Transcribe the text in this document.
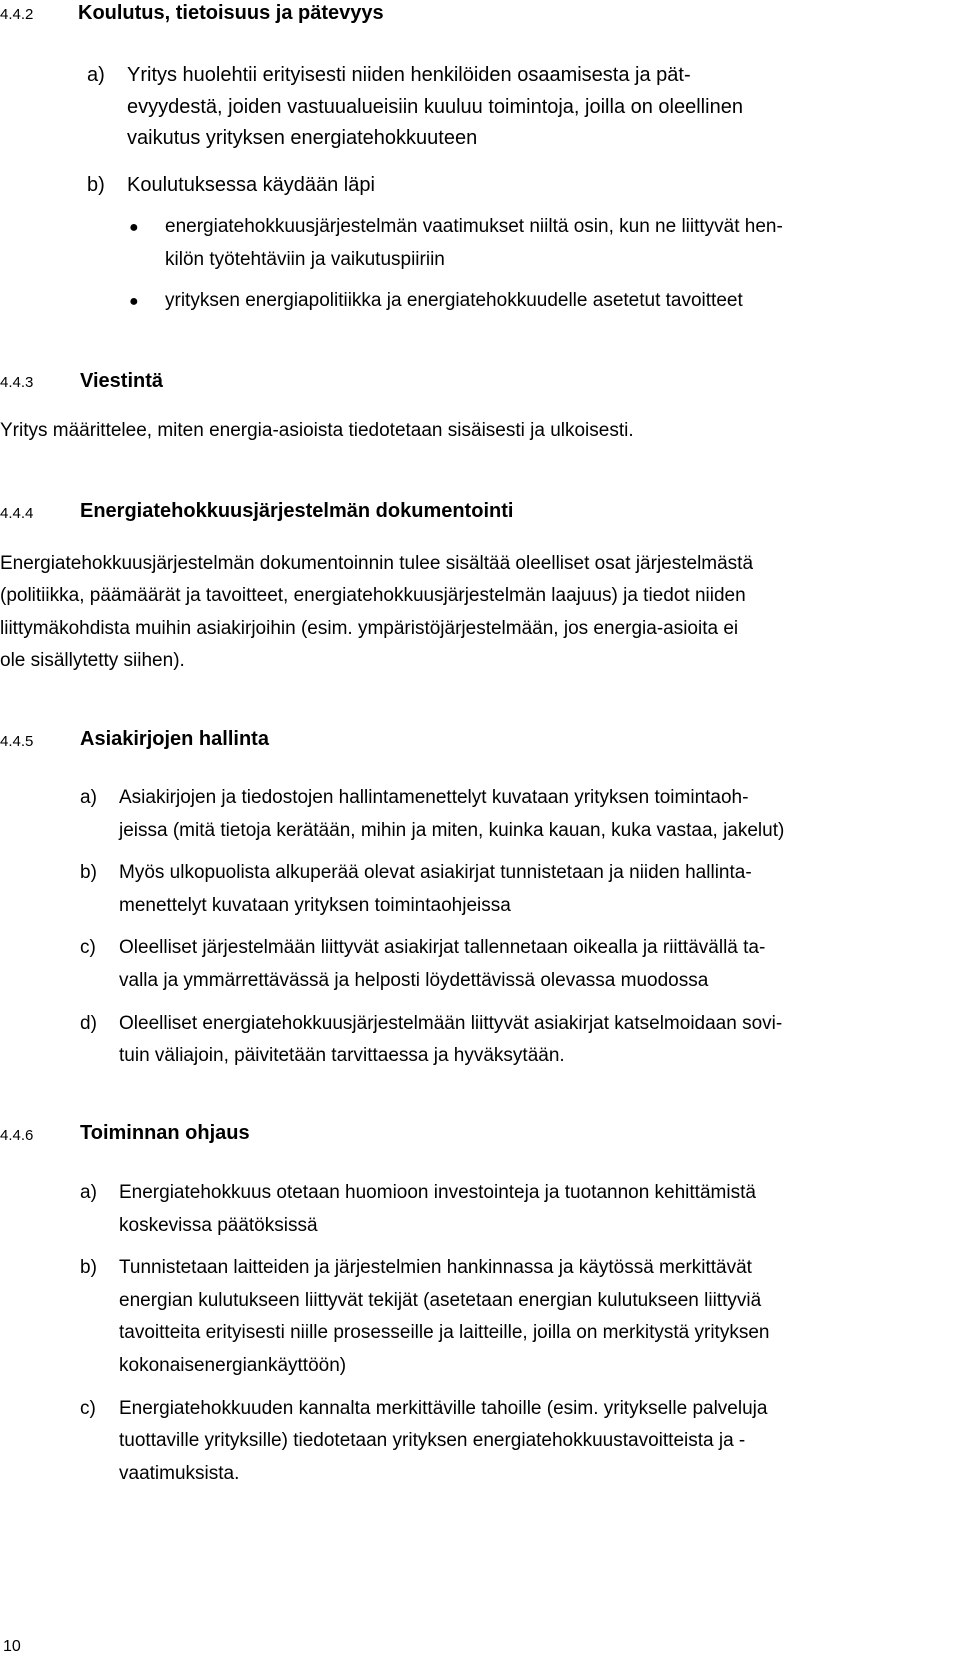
4.4.2 Koulutus, tietoisuus ja pätevyys
a) Yritys huolehtii erityisesti niiden henkilöiden osaamisesta ja pät-
evyydestä, joiden vastuualueisiin kuuluu toimintoja, joilla on oleellinen
vaikutus yrityksen energiatehokkuuteen
b) Koulutuksessa käydään läpi
● energiatehokkuusjärjestelmän vaatimukset niiltä osin, kun ne liittyvät hen-
kilön työtehtäviin ja vaikutuspiiriin
● yrityksen energiapolitiikka ja energiatehokkuudelle asetetut tavoitteet
4.4.3 Viestintä
Yritys määrittelee, miten energia-asioista tiedotetaan sisäisesti ja ulkoisesti.
4.4.4 Energiatehokkuusjärjestelmän dokumentointi
Energiatehokkuusjärjestelmän dokumentoinnin tulee sisältää oleelliset osat järjestelmästä
(politiikka, päämäärät ja tavoitteet, energiatehokkuusjärjestelmän laajuus) ja tiedot niiden
liittymäkohdista muihin asiakirjoihin (esim. ympäristöjärjestelmään, jos energia-asioita ei
ole sisällytetty siihen).
4.4.5 Asiakirjojen hallinta
a) Asiakirjojen ja tiedostojen hallintamenettelyt kuvataan yrityksen toimintaoh-
jeissa (mitä tietoja kerätään, mihin ja miten, kuinka kauan, kuka vastaa, jakelut)
b) Myös ulkopuolista alkuperää olevat asiakirjat tunnistetaan ja niiden hallinta-
menettelyt kuvataan yrityksen toimintaohjeissa
c) Oleelliset järjestelmään liittyvät asiakirjat tallennetaan oikealla ja riittävällä ta-
valla ja ymmärrettävässä ja helposti löydettävissä olevassa muodossa
d) Oleelliset energiatehokkuusjärjestelmään liittyvät asiakirjat katselmoidaan sovi-
tuin väliajoin, päivitetään tarvittaessa ja hyväksytään.
4.4.6 Toiminnan ohjaus
a) Energiatehokkuus otetaan huomioon investointeja ja tuotannon kehittämistä
koskevissa päätöksissä
b) Tunnistetaan laitteiden ja järjestelmien hankinnassa ja käytössä merkittävät
energian kulutukseen liittyvät tekijät (asetetaan energian kulutukseen liittyviä
tavoitteita erityisesti niille prosesseille ja laitteille, joilla on merkitystä yrityksen
kokonaisenergiankäyttöön)
c) Energiatehokkuuden kannalta merkittäville tahoille (esim. yritykselle palveluja
tuottaville yrityksille) tiedotetaan yrityksen energiatehokkuustavoitteista ja -
vaatimuksista.
10
